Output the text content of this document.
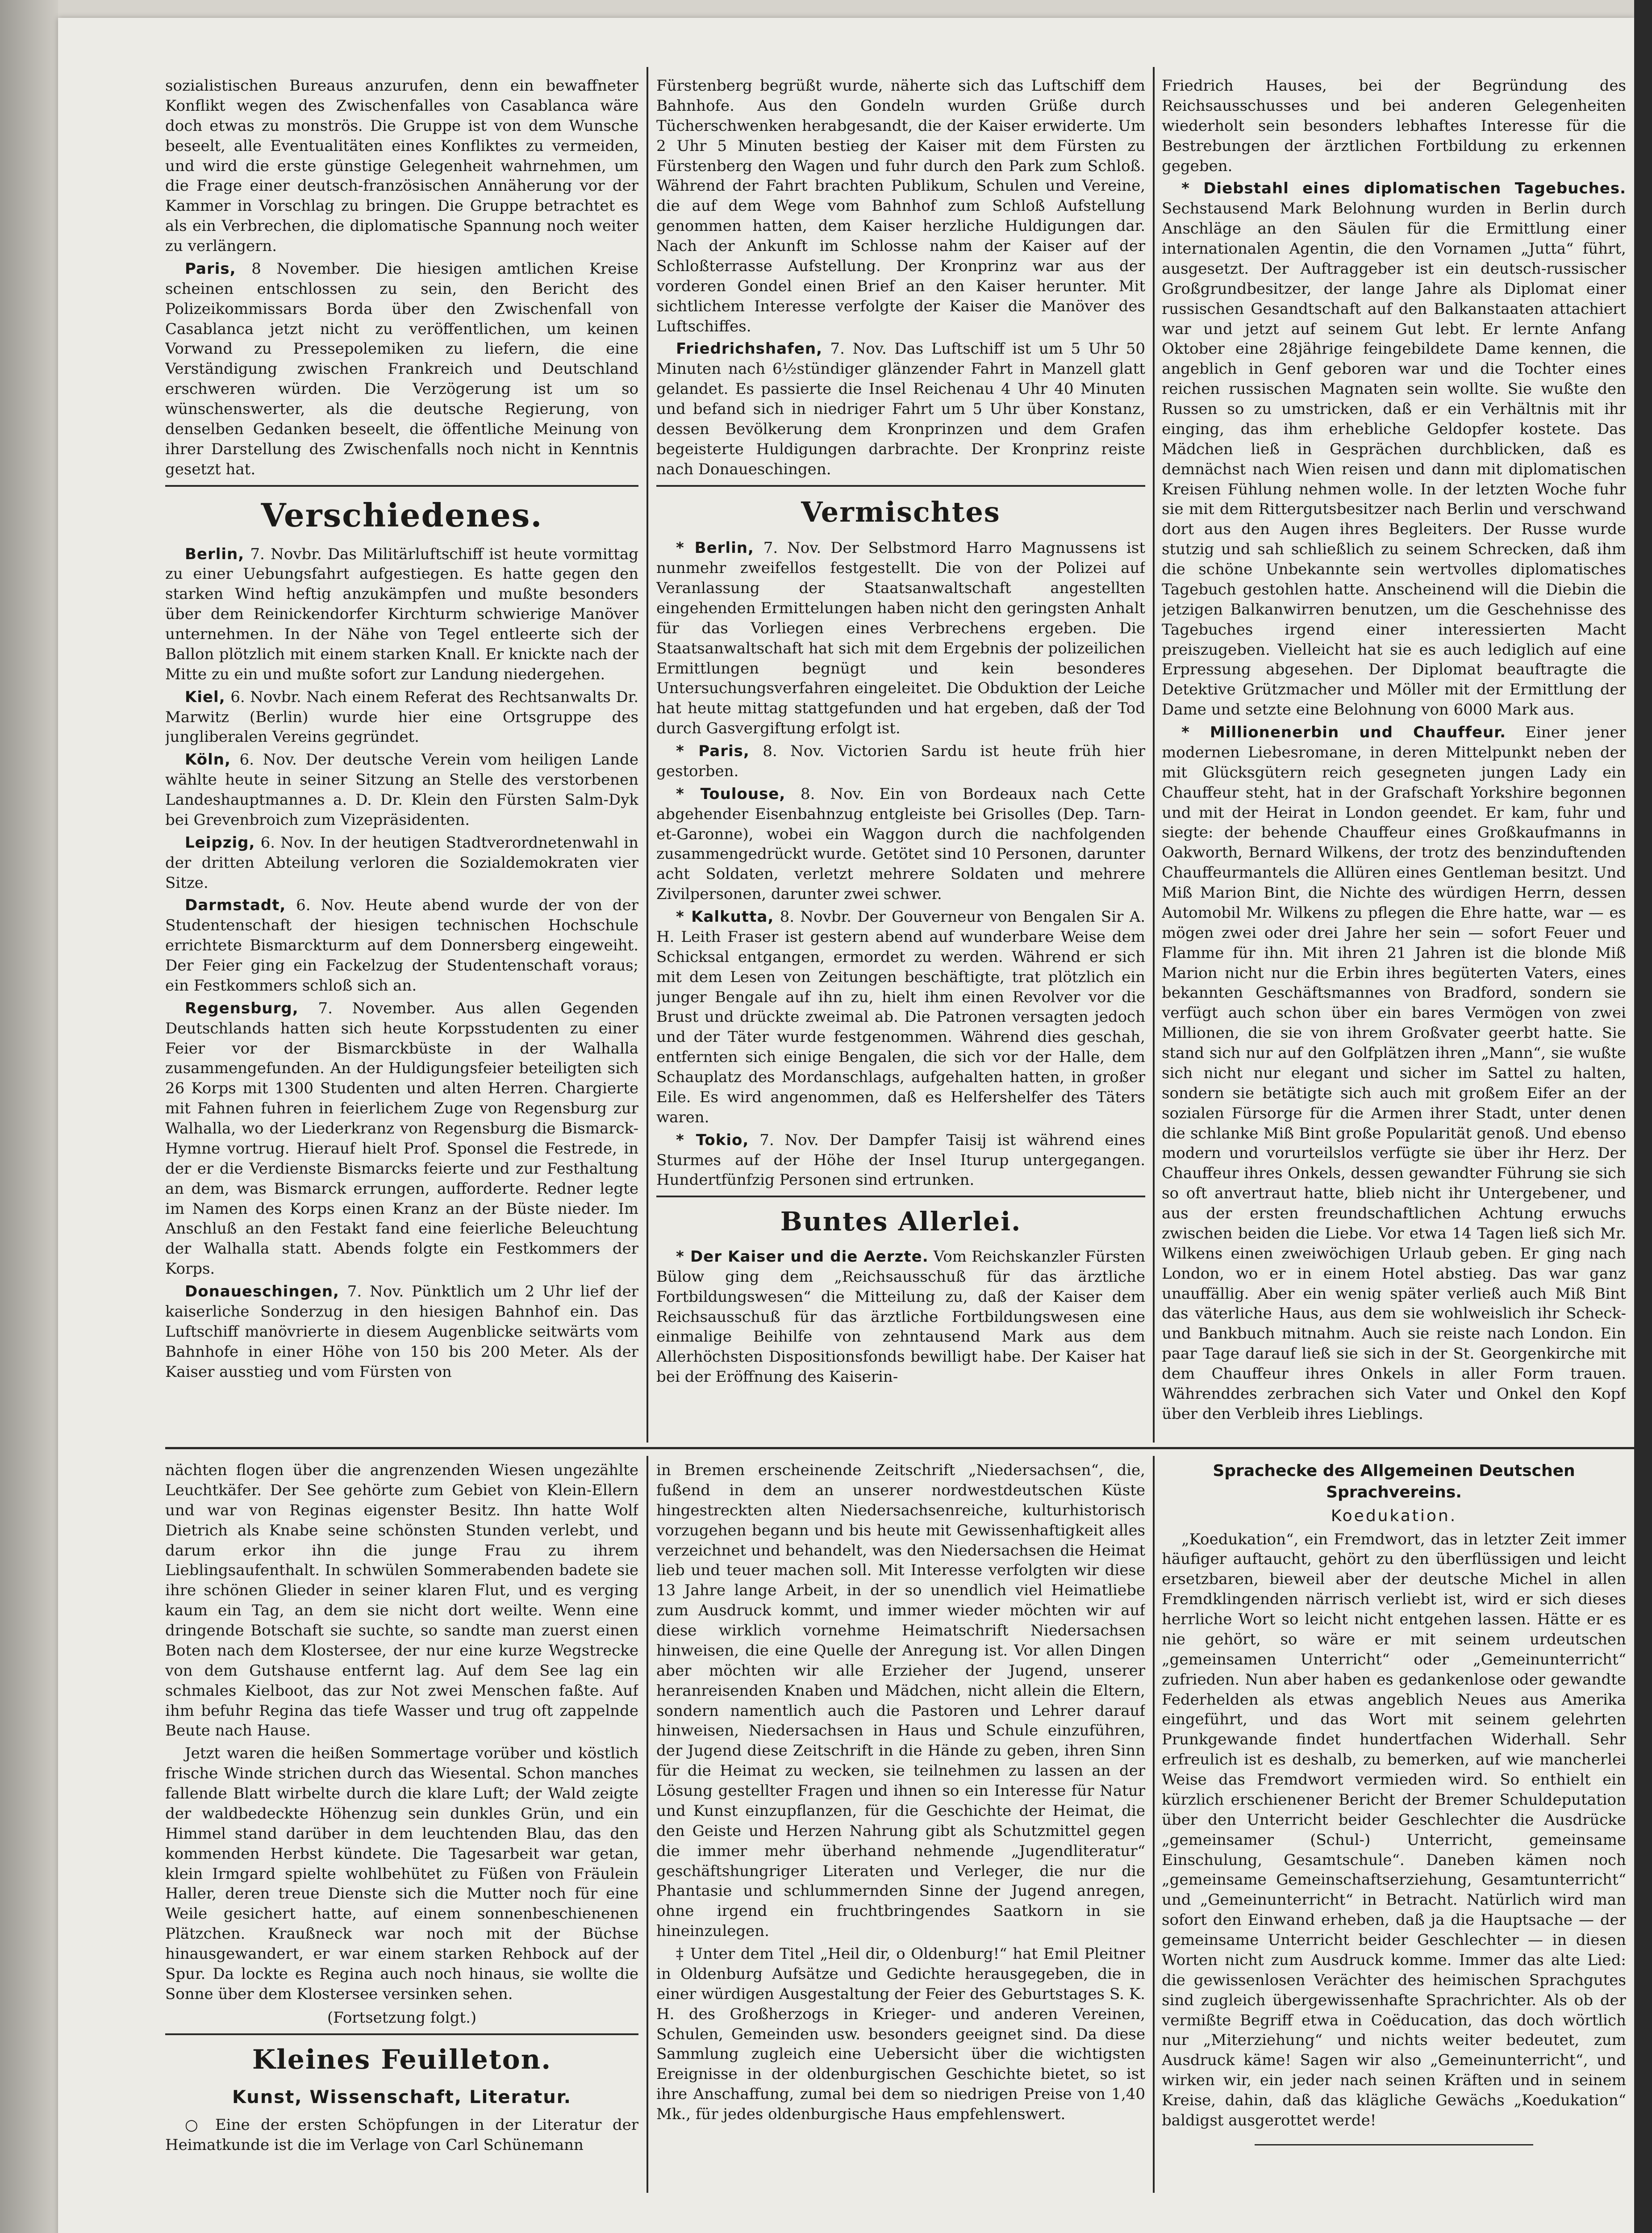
sozialistischen Bureaus anzurufen, denn ein bewaffneter Konflikt wegen des Zwischenfalles von Casablanca wäre doch etwas zu monströs. Die Gruppe ist von dem Wunsche beseelt, alle Eventualitäten eines Konfliktes zu vermeiden, und wird die erste günstige Gelegenheit wahrnehmen, um die Frage einer deutsch-französischen Annäherung vor der Kammer in Vorschlag zu bringen. Die Gruppe betrachtet es als ein Verbrechen, die diplomatische Spannung noch weiter zu verlängern.

Paris, 8 November. Die hiesigen amtlichen Kreise scheinen entschlossen zu sein, den Bericht des Polizeikommissars Borda über den Zwischenfall von Casablanca jetzt nicht zu veröffentlichen, um keinen Vorwand zu Pressepolemiken zu liefern, die eine Verständigung zwischen Frankreich und Deutschland erschweren würden. Die Verzögerung ist um so wünschenswerter, als die deutsche Regierung, von denselben Gedanken beseelt, die öffentliche Meinung von ihrer Darstellung des Zwischenfalls noch nicht in Kenntnis gesetzt hat.

Verschiedenes.

Berlin, 7. Novbr. Das Militärluftschiff ist heute vormittag zu einer Uebungsfahrt aufgestiegen. Es hatte gegen den starken Wind heftig anzukämpfen und mußte besonders über dem Reinickendorfer Kirchturm schwierige Manöver unternehmen. In der Nähe von Tegel entleerte sich der Ballon plötzlich mit einem starken Knall. Er knickte nach der Mitte zu ein und mußte sofort zur Landung niedergehen.

Kiel, 6. Novbr. Nach einem Referat des Rechtsanwalts Dr. Marwitz (Berlin) wurde hier eine Ortsgruppe des jungliberalen Vereins gegründet.

Köln, 6. Nov. Der deutsche Verein vom heiligen Lande wählte heute in seiner Sitzung an Stelle des verstorbenen Landeshauptmannes a. D. Dr. Klein den Fürsten Salm-Dyk bei Grevenbroich zum Vizepräsidenten.

Leipzig, 6. Nov. In der heutigen Stadtverordnetenwahl in der dritten Abteilung verloren die Sozialdemokraten vier Sitze.

Darmstadt, 6. Nov. Heute abend wurde der von der Studentenschaft der hiesigen technischen Hochschule errichtete Bismarckturm auf dem Donnersberg eingeweiht. Der Feier ging ein Fackelzug der Studentenschaft voraus; ein Festkommers schloß sich an.

Regensburg, 7. November. Aus allen Gegenden Deutschlands hatten sich heute Korpsstudenten zu einer Feier vor der Bismarckbüste in der Walhalla zusammengefunden. An der Huldigungsfeier beteiligten sich 26 Korps mit 1300 Studenten und alten Herren. Chargierte mit Fahnen fuhren in feierlichem Zuge von Regensburg zur Walhalla, wo der Liederkranz von Regensburg die Bismarck-Hymne vortrug. Hierauf hielt Prof. Sponsel die Festrede, in der er die Verdienste Bismarcks feierte und zur Festhaltung an dem, was Bismarck errungen, aufforderte. Redner legte im Namen des Korps einen Kranz an der Büste nieder. Im Anschluß an den Festakt fand eine feierliche Beleuchtung der Walhalla statt. Abends folgte ein Festkommers der Korps.

Donaueschingen, 7. Nov. Pünktlich um 2 Uhr lief der kaiserliche Sonderzug in den hiesigen Bahnhof ein. Das Luftschiff manövrierte in diesem Augenblicke seitwärts vom Bahnhofe in einer Höhe von 150 bis 200 Meter. Als der Kaiser ausstieg und vom Fürsten von

Fürstenberg begrüßt wurde, näherte sich das Luftschiff dem Bahnhofe. Aus den Gondeln wurden Grüße durch Tücherschwenken herabgesandt, die der Kaiser erwiderte. Um 2 Uhr 5 Minuten bestieg der Kaiser mit dem Fürsten zu Fürstenberg den Wagen und fuhr durch den Park zum Schloß. Während der Fahrt brachten Publikum, Schulen und Vereine, die auf dem Wege vom Bahnhof zum Schloß Aufstellung genommen hatten, dem Kaiser herzliche Huldigungen dar. Nach der Ankunft im Schlosse nahm der Kaiser auf der Schloßterrasse Aufstellung. Der Kronprinz war aus der vorderen Gondel einen Brief an den Kaiser herunter. Mit sichtlichem Interesse verfolgte der Kaiser die Manöver des Luftschiffes.

Friedrichshafen, 7. Nov. Das Luftschiff ist um 5 Uhr 50 Minuten nach 6½stündiger glänzender Fahrt in Manzell glatt gelandet. Es passierte die Insel Reichenau 4 Uhr 40 Minuten und befand sich in niedriger Fahrt um 5 Uhr über Konstanz, dessen Bevölkerung dem Kronprinzen und dem Grafen begeisterte Huldigungen darbrachte. Der Kronprinz reiste nach Donaueschingen.

Vermischtes

* Berlin, 7. Nov. Der Selbstmord Harro Magnussens ist nunmehr zweifellos festgestellt. Die von der Polizei auf Veranlassung der Staatsanwaltschaft angestellten eingehenden Ermittelungen haben nicht den geringsten Anhalt für das Vorliegen eines Verbrechens ergeben. Die Staatsanwaltschaft hat sich mit dem Ergebnis der polizeilichen Ermittlungen begnügt und kein besonderes Untersuchungsverfahren eingeleitet. Die Obduktion der Leiche hat heute mittag stattgefunden und hat ergeben, daß der Tod durch Gasvergiftung erfolgt ist.

* Paris, 8. Nov. Victorien Sardu ist heute früh hier gestorben.

* Toulouse, 8. Nov. Ein von Bordeaux nach Cette abgehender Eisenbahnzug entgleiste bei Grisolles (Dep. Tarn-et-Garonne), wobei ein Waggon durch die nachfolgenden zusammengedrückt wurde. Getötet sind 10 Personen, darunter acht Soldaten, verletzt mehrere Soldaten und mehrere Zivilpersonen, darunter zwei schwer.

* Kalkutta, 8. Novbr. Der Gouverneur von Bengalen Sir A. H. Leith Fraser ist gestern abend auf wunderbare Weise dem Schicksal entgangen, ermordet zu werden. Während er sich mit dem Lesen von Zeitungen beschäftigte, trat plötzlich ein junger Bengale auf ihn zu, hielt ihm einen Revolver vor die Brust und drückte zweimal ab. Die Patronen versagten jedoch und der Täter wurde festgenommen. Während dies geschah, entfernten sich einige Bengalen, die sich vor der Halle, dem Schauplatz des Mordanschlags, aufgehalten hatten, in großer Eile. Es wird angenommen, daß es Helfershelfer des Täters waren.

* Tokio, 7. Nov. Der Dampfer Taisij ist während eines Sturmes auf der Höhe der Insel Iturup untergegangen. Hundertfünfzig Personen sind ertrunken.

Buntes Allerlei.

* Der Kaiser und die Aerzte. Vom Reichskanzler Fürsten Bülow ging dem „Reichsausschuß für das ärztliche Fortbildungswesen“ die Mitteilung zu, daß der Kaiser dem Reichsausschuß für das ärztliche Fortbildungswesen eine einmalige Beihilfe von zehntausend Mark aus dem Allerhöchsten Dispositionsfonds bewilligt habe. Der Kaiser hat bei der Eröffnung des Kaiserin-

Friedrich Hauses, bei der Begründung des Reichsausschusses und bei anderen Gelegenheiten wiederholt sein besonders lebhaftes Interesse für die Bestrebungen der ärztlichen Fortbildung zu erkennen gegeben.

* Diebstahl eines diplomatischen Tagebuches. Sechstausend Mark Belohnung wurden in Berlin durch Anschläge an den Säulen für die Ermittlung einer internationalen Agentin, die den Vornamen „Jutta“ führt, ausgesetzt. Der Auftraggeber ist ein deutsch-russischer Großgrundbesitzer, der lange Jahre als Diplomat einer russischen Gesandtschaft auf den Balkanstaaten attachiert war und jetzt auf seinem Gut lebt. Er lernte Anfang Oktober eine 28jährige feingebildete Dame kennen, die angeblich in Genf geboren war und die Tochter eines reichen russischen Magnaten sein wollte. Sie wußte den Russen so zu umstricken, daß er ein Verhältnis mit ihr einging, das ihm erhebliche Geldopfer kostete. Das Mädchen ließ in Gesprächen durchblicken, daß es demnächst nach Wien reisen und dann mit diplomatischen Kreisen Fühlung nehmen wolle. In der letzten Woche fuhr sie mit dem Rittergutsbesitzer nach Berlin und verschwand dort aus den Augen ihres Begleiters. Der Russe wurde stutzig und sah schließlich zu seinem Schrecken, daß ihm die schöne Unbekannte sein wertvolles diplomatisches Tagebuch gestohlen hatte. Anscheinend will die Diebin die jetzigen Balkanwirren benutzen, um die Geschehnisse des Tagebuches irgend einer interessierten Macht preiszugeben. Vielleicht hat sie es auch lediglich auf eine Erpressung abgesehen. Der Diplomat beauftragte die Detektive Grützmacher und Möller mit der Ermittlung der Dame und setzte eine Belohnung von 6000 Mark aus.

* Millionenerbin und Chauffeur. Einer jener modernen Liebesromane, in deren Mittelpunkt neben der mit Glücksgütern reich gesegneten jungen Lady ein Chauffeur steht, hat in der Grafschaft Yorkshire begonnen und mit der Heirat in London geendet. Er kam, fuhr und siegte: der behende Chauffeur eines Großkaufmanns in Oakworth, Bernard Wilkens, der trotz des benzinduftenden Chauffeurmantels die Allüren eines Gentleman besitzt. Und Miß Marion Bint, die Nichte des würdigen Herrn, dessen Automobil Mr. Wilkens zu pflegen die Ehre hatte, war — es mögen zwei oder drei Jahre her sein — sofort Feuer und Flamme für ihn. Mit ihren 21 Jahren ist die blonde Miß Marion nicht nur die Erbin ihres begüterten Vaters, eines bekannten Geschäftsmannes von Bradford, sondern sie verfügt auch schon über ein bares Vermögen von zwei Millionen, die sie von ihrem Großvater geerbt hatte. Sie stand sich nur auf den Golfplätzen ihren „Mann“, sie wußte sich nicht nur elegant und sicher im Sattel zu halten, sondern sie betätigte sich auch mit großem Eifer an der sozialen Fürsorge für die Armen ihrer Stadt, unter denen die schlanke Miß Bint große Popularität genoß. Und ebenso modern und vorurteilslos verfügte sie über ihr Herz. Der Chauffeur ihres Onkels, dessen gewandter Führung sie sich so oft anvertraut hatte, blieb nicht ihr Untergebener, und aus der ersten freundschaftlichen Achtung erwuchs zwischen beiden die Liebe. Vor etwa 14 Tagen ließ sich Mr. Wilkens einen zweiwöchigen Urlaub geben. Er ging nach London, wo er in einem Hotel abstieg. Das war ganz unauffällig. Aber ein wenig später verließ auch Miß Bint das väterliche Haus, aus dem sie wohlweislich ihr Scheck- und Bankbuch mitnahm. Auch sie reiste nach London. Ein paar Tage darauf ließ sie sich in der St. Georgenkirche mit dem Chauffeur ihres Onkels in aller Form trauen. Währenddes zerbrachen sich Vater und Onkel den Kopf über den Verbleib ihres Lieblings.

nächten flogen über die angrenzenden Wiesen ungezählte Leuchtkäfer. Der See gehörte zum Gebiet von Klein-Ellern und war von Reginas eigenster Besitz. Ihn hatte Wolf Dietrich als Knabe seine schönsten Stunden verlebt, und darum erkor ihn die junge Frau zu ihrem Lieblingsaufenthalt. In schwülen Sommerabenden badete sie ihre schönen Glieder in seiner klaren Flut, und es verging kaum ein Tag, an dem sie nicht dort weilte. Wenn eine dringende Botschaft sie suchte, so sandte man zuerst einen Boten nach dem Klostersee, der nur eine kurze Wegstrecke von dem Gutshause entfernt lag. Auf dem See lag ein schmales Kielboot, das zur Not zwei Menschen faßte. Auf ihm befuhr Regina das tiefe Wasser und trug oft zappelnde Beute nach Hause.

Jetzt waren die heißen Sommertage vorüber und köstlich frische Winde strichen durch das Wiesental. Schon manches fallende Blatt wirbelte durch die klare Luft; der Wald zeigte der waldbedeckte Höhenzug sein dunkles Grün, und ein Himmel stand darüber in dem leuchtenden Blau, das den kommenden Herbst kündete. Die Tagesarbeit war getan, klein Irmgard spielte wohlbehütet zu Füßen von Fräulein Haller, deren treue Dienste sich die Mutter noch für eine Weile gesichert hatte, auf einem sonnenbeschienenen Plätzchen. Kraußneck war noch mit der Büchse hinausgewandert, er war einem starken Rehbock auf der Spur. Da lockte es Regina auch noch hinaus, sie wollte die Sonne über dem Klostersee versinken sehen.

(Fortsetzung folgt.)

Kleines Feuilleton.
Kunst, Wissenschaft, Literatur.

○ Eine der ersten Schöpfungen in der Literatur der Heimatkunde ist die im Verlage von Carl Schünemann

in Bremen erscheinende Zeitschrift „Niedersachsen“, die, fußend in dem an unserer nordwestdeutschen Küste hingestreckten alten Niedersachsenreiche, kulturhistorisch vorzugehen begann und bis heute mit Gewissenhaftigkeit alles verzeichnet und behandelt, was den Niedersachsen die Heimat lieb und teuer machen soll. Mit Interesse verfolgten wir diese 13 Jahre lange Arbeit, in der so unendlich viel Heimatliebe zum Ausdruck kommt, und immer wieder möchten wir auf diese wirklich vornehme Heimatschrift Niedersachsen hinweisen, die eine Quelle der Anregung ist. Vor allen Dingen aber möchten wir alle Erzieher der Jugend, unserer heranreisenden Knaben und Mädchen, nicht allein die Eltern, sondern namentlich auch die Pastoren und Lehrer darauf hinweisen, Niedersachsen in Haus und Schule einzuführen, der Jugend diese Zeitschrift in die Hände zu geben, ihren Sinn für die Heimat zu wecken, sie teilnehmen zu lassen an der Lösung gestellter Fragen und ihnen so ein Interesse für Natur und Kunst einzupflanzen, für die Geschichte der Heimat, die den Geiste und Herzen Nahrung gibt als Schutzmittel gegen die immer mehr überhand nehmende „Jugendliteratur“ geschäftshungriger Literaten und Verleger, die nur die Phantasie und schlummernden Sinne der Jugend anregen, ohne irgend ein fruchtbringendes Saatkorn in sie hineinzulegen.

‡ Unter dem Titel „Heil dir, o Oldenburg!“ hat Emil Pleitner in Oldenburg Aufsätze und Gedichte herausgegeben, die in einer würdigen Ausgestaltung der Feier des Geburtstages S. K. H. des Großherzogs in Krieger- und anderen Vereinen, Schulen, Gemeinden usw. besonders geeignet sind. Da diese Sammlung zugleich eine Uebersicht über die wichtigsten Ereignisse in der oldenburgischen Geschichte bietet, so ist ihre Anschaffung, zumal bei dem so niedrigen Preise von 1,40 Mk., für jedes oldenburgische Haus empfehlenswert.

Sprachecke des Allgemeinen Deutschen Sprachvereins.
Koedukation.

„Koedukation“, ein Fremdwort, das in letzter Zeit immer häufiger auftaucht, gehört zu den überflüssigen und leicht ersetzbaren, bieweil aber der deutsche Michel in allen Fremdklingenden närrisch verliebt ist, wird er sich dieses herrliche Wort so leicht nicht entgehen lassen. Hätte er es nie gehört, so wäre er mit seinem urdeutschen „gemeinsamen Unterricht“ oder „Gemeinunterricht“ zufrieden. Nun aber haben es gedankenlose oder gewandte Federhelden als etwas angeblich Neues aus Amerika eingeführt, und das Wort mit seinem gelehrten Prunkgewande findet hundertfachen Widerhall. Sehr erfreulich ist es deshalb, zu bemerken, auf wie mancherlei Weise das Fremdwort vermieden wird. So enthielt ein kürzlich erschienener Bericht der Bremer Schuldeputation über den Unterricht beider Geschlechter die Ausdrücke „gemeinsamer (Schul-) Unterricht, gemeinsame Einschulung, Gesamtschule“. Daneben kämen noch „gemeinsame Gemeinschaftserziehung, Gesamtunterricht“ und „Gemeinunterricht“ in Betracht. Natürlich wird man sofort den Einwand erheben, daß ja die Hauptsache — der gemeinsame Unterricht beider Geschlechter — in diesen Worten nicht zum Ausdruck komme. Immer das alte Lied: die gewissenlosen Verächter des heimischen Sprachgutes sind zugleich übergewissenhafte Sprachrichter. Als ob der vermißte Begriff etwa in Coëducation, das doch wörtlich nur „Miterziehung“ und nichts weiter bedeutet, zum Ausdruck käme! Sagen wir also „Gemeinunterricht“, und wirken wir, ein jeder nach seinen Kräften und in seinem Kreise, dahin, daß das klägliche Gewächs „Koedukation“ baldigst ausgerottet werde!
